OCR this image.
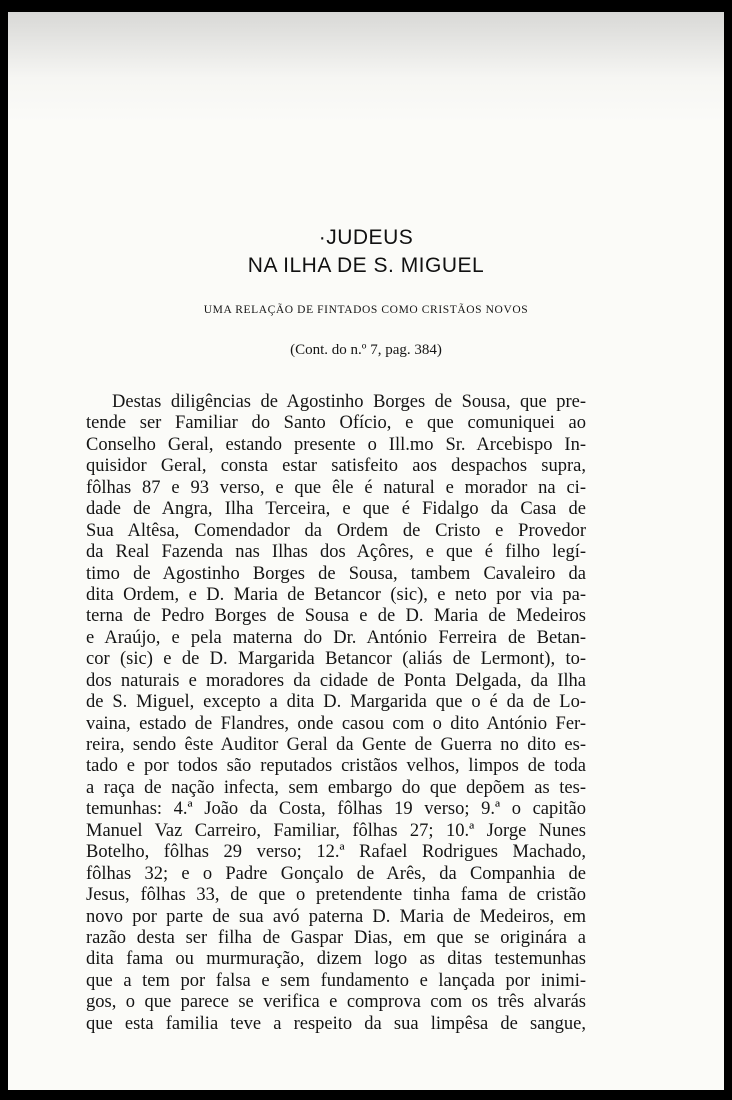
·JUDEUS
NA ILHA DE S. MIGUEL
UMA RELAÇÃO DE FINTADOS COMO CRISTÃOS NOVOS
(Cont. do n.º 7, pag. 384)
Destas diligências de Agostinho Borges de Sousa, que pre-
tende ser Familiar do Santo Ofício, e que comuniquei ao
Conselho Geral, estando presente o Ill.mo Sr. Arcebispo In-
quisidor Geral, consta estar satisfeito aos despachos supra,
fôlhas 87 e 93 verso, e que êle é natural e morador na ci-
dade de Angra, Ilha Terceira, e que é Fidalgo da Casa de
Sua Altêsa, Comendador da Ordem de Cristo e Provedor
da Real Fazenda nas Ilhas dos Açôres, e que é filho legí-
timo de Agostinho Borges de Sousa, tambem Cavaleiro da
dita Ordem, e D. Maria de Betancor (sic), e neto por via pa-
terna de Pedro Borges de Sousa e de D. Maria de Medeiros
e Araújo, e pela materna do Dr. António Ferreira de Betan-
cor (sic) e de D. Margarida Betancor (aliás de Lermont), to-
dos naturais e moradores da cidade de Ponta Delgada, da Ilha
de S. Miguel, excepto a dita D. Margarida que o é da de Lo-
vaina, estado de Flandres, onde casou com o dito António Fer-
reira, sendo êste Auditor Geral da Gente de Guerra no dito es-
tado e por todos são reputados cristãos velhos, limpos de toda
a raça de nação infecta, sem embargo do que depõem as tes-
temunhas: 4.ª João da Costa, fôlhas 19 verso; 9.ª o capitão
Manuel Vaz Carreiro, Familiar, fôlhas 27; 10.ª Jorge Nunes
Botelho, fôlhas 29 verso; 12.ª Rafael Rodrigues Machado,
fôlhas 32; e o Padre Gonçalo de Arês, da Companhia de
Jesus, fôlhas 33, de que o pretendente tinha fama de cristão
novo por parte de sua avó paterna D. Maria de Medeiros, em
razão desta ser filha de Gaspar Dias, em que se originára a
dita fama ou murmuração, dizem logo as ditas testemunhas
que a tem por falsa e sem fundamento e lançada por inimi-
gos, o que parece se verifica e comprova com os três alvarás
que esta familia teve a respeito da sua limpêsa de sangue,
